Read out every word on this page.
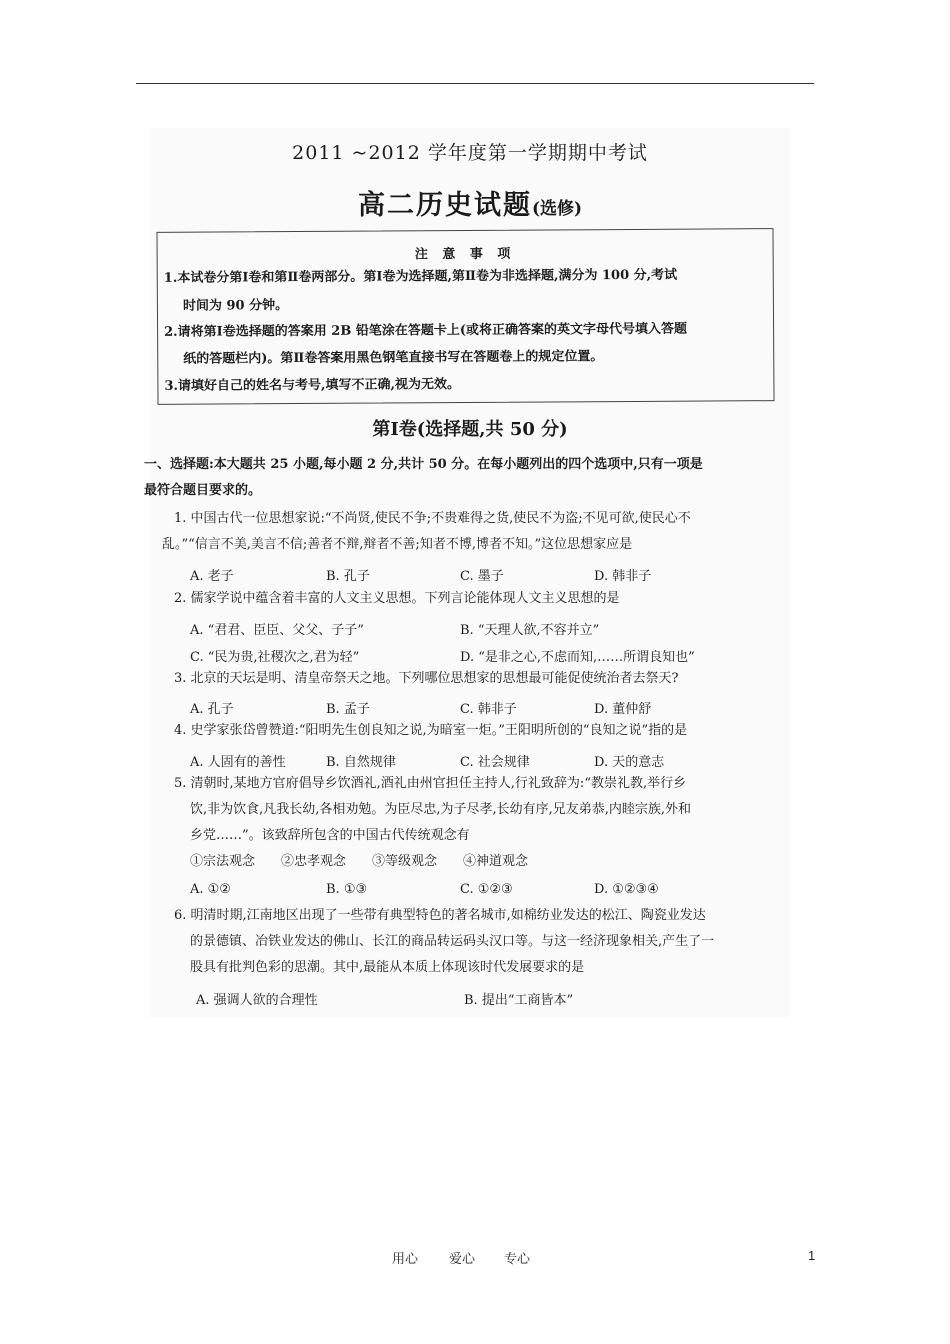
2011 ~2012 学年度第一学期期中考试
高二历史试题(选修)
注 意 事 项
1.本试卷分第Ⅰ卷和第Ⅱ卷两部分。第Ⅰ卷为选择题,第Ⅱ卷为非选择题,满分为 100 分,考试
时间为 90 分钟。
2.请将第Ⅰ卷选择题的答案用 2B 铅笔涂在答题卡上(或将正确答案的英文字母代号填入答题
纸的答题栏内)。第Ⅱ卷答案用黑色钢笔直接书写在答题卷上的规定位置。
3.请填好自己的姓名与考号,填写不正确,视为无效。
第Ⅰ卷(选择题,共 50 分)
一、选择题:本大题共 25 小题,每小题 2 分,共计 50 分。在每小题列出的四个选项中,只有一项是
最符合题目要求的。
1. 中国古代一位思想家说:“不尚贤,使民不争;不贵难得之货,使民不为盗;不见可欲,使民心不
乱。”“信言不美,美言不信;善者不辩,辩者不善;知者不博,博者不知。”这位思想家应是
A. 老子	B. 孔子	C. 墨子	D. 韩非子
2. 儒家学说中蕴含着丰富的人文主义思想。下列言论能体现人文主义思想的是
A. “君君、臣臣、父父、子子”	B. “天理人欲,不容并立”
C. “民为贵,社稷次之,君为轻”	D. “是非之心,不虑而知,……所谓良知也”
3. 北京的天坛是明、清皇帝祭天之地。下列哪位思想家的思想最可能促使统治者去祭天?
A. 孔子	B. 孟子	C. 韩非子	D. 董仲舒
4. 史学家张岱曾赞道:“阳明先生创良知之说,为暗室一炬。”王阳明所创的“良知之说”指的是
A. 人固有的善性	B. 自然规律	C. 社会规律	D. 天的意志
5. 清朝时,某地方官府倡导乡饮酒礼,酒礼由州官担任主持人,行礼致辞为:“教崇礼教,举行乡
饮,非为饮食,凡我长幼,各相劝勉。为臣尽忠,为子尽孝,长幼有序,兄友弟恭,内睦宗族,外和
乡党……”。该致辞所包含的中国古代传统观念有
①宗法观念　　②忠孝观念　　③等级观念　　④神道观念
A. ①②	B. ①③	C. ①②③	D. ①②③④
6. 明清时期,江南地区出现了一些带有典型特色的著名城市,如棉纺业发达的松江、陶瓷业发达
的景德镇、冶铁业发达的佛山、长江的商品转运码头汉口等。与这一经济现象相关,产生了一
股具有批判色彩的思潮。其中,最能从本质上体现该时代发展要求的是
A. 强调人欲的合理性	B. 提出“工商皆本”
用心 爱心 专心	1
